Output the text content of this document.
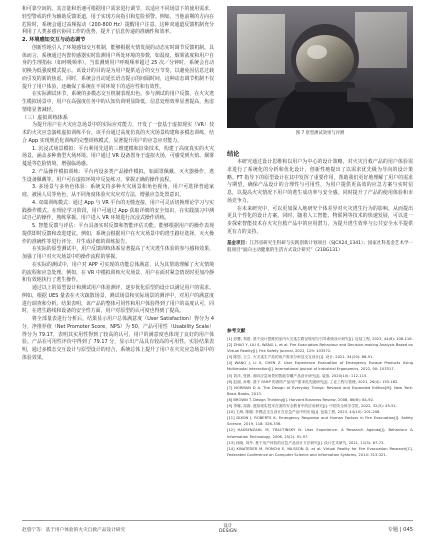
和可靠空间的。其音量和语速可根据用户需求进行调节，以适应不同场景下的使用需求。轻型警戒的作为辅助反馈渠道，用于实现方向指引和危险预警。例如，当他前期的方向在危险时，系统会通过高频振动（200-800 Hz）提醒用户注意。这种双通道反馈机制充分利用了人类多感官协同工作的优势，提升了信息传递的准确性和效率。

2. 环境感知交互与动态调节

创新性地引入了环境感知交互机制，能够根据火情发展的动态实时调节反馈机制。具体而言，系统通过内置传感器实时监测用户所处环境的参数，如温度、烟雾浓度和用户自身的生理指标（如呼吸频率）。当监测到用户呼吸频率超过 25 次／分钟时，系统会自动切换为低强度模式提示。该设计的目的是为用户提供适合的交互节奏，以避免因信息过载而引发的新的焦虑。同时，系统会自动延长语音提示的间隔时间，这种动态调节机制不仅提升了用户体验，还确保了系统在不同环境下的适应性和有效性。

在实际测试环节，系统的多模态交互机制表现出色。参与测试的用户反馈，在火灾逃生模拟场景中，用户在高强度任务中的认知负荷明显降低，信息处理效率显著提高，焦虑情绪显著减轻。

（三）虚拟训练体系

为提升用户在火灾应急场景中的实际应对能力，开发了一套基于虚拟现实（VR）技术的火灾应急演练虚拟训练平台。该平台通过高度仿真的火灾场景构建和多模态训练，结合 App 实现规范化训练的完整训练模式，显著提升用户的应急应对能力。

1. 沉浸式场景模拟：平台利用先进的三维建模和渲染技术，构建了高度真实的火灾场景，涵盖多种典型火场环境。用户通过 VR 设备置身于虚拟火场，可感受到火焰、烟雾蔓延等危险情境，增强临场感。

2. 产品操作模拟训练：平台内设多类产品操作模拟，如面罩佩戴、灭火器操作、逃生设备佩戴等。用户可在虚拟环境中反复练习，掌握正确的操作流程。

3. 多场景与多角色体验：系统支持多种火灾场景和角色视角，用户可选择普通家庭、被困人员等角色，从不同角度体验火灾应对方法，增强应急处置意识。

4. 双端训练模式：通过 App 与 VR 平台的无缝连接，用户可灵活切换理论学习与实践操作模式。在理论学习阶段，用户可通过 App 获取详细的安全知识，在实践演习中测试自己的操作，熟练掌握。用户进入 VR 环境进行沉浸式操作训练。

5. 智能反馈与评估：平台具备实时反馈和智能评估功能。能够根据用户的操作表现提供即时反馈和改进建议。例如，系统会根据用户在火灾场景中的逃生路径选择、灭火操作的准确性等进行评分，并生成详细的训练报告。

在实际的原型测试中，用户反馈训练体系显著提高了火灾逃生体验的参与感和效果，加强了用户对火灾场景中的操作流程的掌握。

在实际的测试中，用户对 APP 可实现的功能总体满意，认为其帮助理解了火灾情境的流程和应急处理。例如，在 VR 中模拟训练火灾场景，用户在面对紧急情况时更加冷静和有效地执行了逃生操作。

通过以上的原型设计和测试用户体验测评，逐步优化原型的设计以满足用户的需求。例如，根据 UES 量表在火灾疏散场景，测试场景和实际场景的测评中，对用户的满意度进行调查和分析。结果表明，该产品的整体可用性和用户体验得到了用户的高度认可，同时，在逃生路线和设备的安全性方面，用户对原型的认可度也得到了提高。

将全部量表进行分析后，结果显示用户总体满意度（User Satisfaction）得分为 4 分，净推荐值（Net Promoter Score，NPS）为 50，产品可用性（Usability Scale）得分为 79.17，表明其实用性得到了较高的认可，用户的满意度也体现了良好的用户体验。产品在可用性评价中得到了 79.17 分，显示出产品具有较高的可用性。实验结果表明，通过多模态交互设计与原型设计的结合，系统总体上提升了用户在火灾应急场景中的体验效果。

图 7 原型测试效果与评测

结论

本研究通过设计思维和以用户为中心的设计策略，对火灾自救产品的用户体验需求进行了系统化的分析和优化设计，创新性地提出了以需求优先级为导向的设计策略。FT 指导下的原型设计在其中发挥了重要作用，帮助我们更好地理解了用户的需求与期望，确保产品设计的合理性与可用性，为用户提供更高效的应急方案与实时信息，以提高火灾情况下用户的逃生成功率与安全感。同时提升了产品的使用体验和市场竞争力。

在未来研究中，可以更加深入地研究个体差异对火灾逃生行为的影响，从而提出更具个性化的设计方案。同时，随着人工智能、物联网等技术的快速发展，可以进一步探索智能技术在火灾自救产品中的应用潜力，为提升逃生效率与公共安全水平提供更有力的支持。

基金项目：江苏省研究生科研与实践创新计划项目（SJCX24_1341）；国家社科基金艺术学一般项目“面向主动健康的生活方式设计研究”（21BG131）

参考文献

[1] 彭鹰, 郑建. 基于设计思维的室内火灾逃生路径规划与引导系统设计研究[J]. 包装工程, 2023, 44(6): 108-116.

[2] ZHAO Y, LIU S, WANG L, et al. Fire Evacuation Behaviour and Decision-making Analysis Based on Virtual Reality[J]. Fire Safety Journal, 2022, 129: 103572.

[3] 陈思, 王立. 火灾逃生产品的用户需求分析及交互设计[J]. 设计, 2021, 34(20): 88-91.

[4] WANG J, LI X, CHEN Z. User Experience Evaluation of Emergency Escape Products Using Multimodal Interaction[J]. International Journal of Industrial Ergonomics, 2022, 90: 103317.

[5] 刘洋, 张晨. 面向应急场景的智能穿戴产品设计研究[J]. 装饰, 2020(10): 112-115.

[6] 赵丽, 孙明. 基于 FAHP 的消防产品用户需求优先级研究[J]. 工业工程与管理, 2021, 26(4): 155-162.

[7] NORMAN D A. The Design of Everyday Things: Revised and Expanded Edition[M]. New York: Basic Books, 2013.

[8] BROWN T. Design Thinking[J]. Harvard Business Review, 2008, 86(6): 84-92.

[9] 李娜, 周涛. 虚拟现实技术在消防安全教育中的应用研究[J]. 中国安全科学学报, 2022, 32(3): 45-51.

[10] 王海, 陈刚. 多模态交互设计在应急产品中的应用[J]. 包装工程, 2023, 44(10): 201-208.

[11] DIXON J, ROBERTS K. Emergency Response and Human Factors in Fire Evacuation[J]. Safety Science, 2019, 118: 326-336.

[12] HASSENZAHL M, TRACTINSKY N. User Experience: A Research Agenda[J]. Behaviour & Information Technology, 2006, 25(2): 91-97.

[13] 孙晓, 刘丹. 基于用户体验的应急产品设计方法研究[J]. 设计艺术研究, 2021, 11(5): 67-72.

[14] KINATEDER M, RONCHI E, NILSSON D, et al. Virtual Reality for Fire Evacuation Research[C]. Federated Conference on Computer Science and Information Systems, 2014: 313-321.

赵悠宁等：基于用户体验的火灾自救产品设计研究
设计
DESIGN	专题 | 045
